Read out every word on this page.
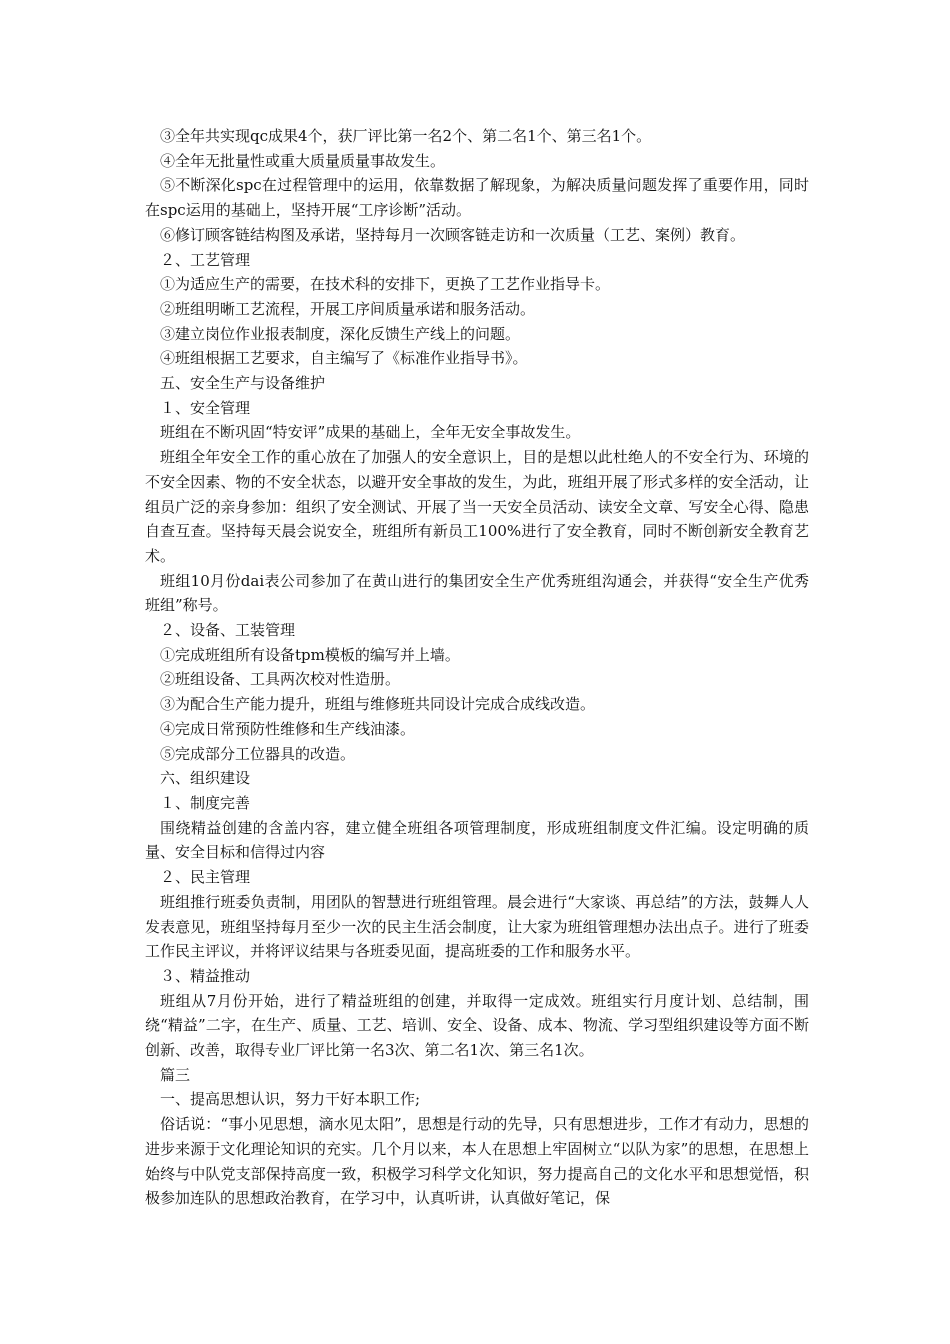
③全年共实现qc成果4个，获厂评比第一名2个、第二名1个、第三名1个。

④全年无批量性或重大质量质量事故发生。

⑤不断深化spc在过程管理中的运用，依靠数据了解现象，为解决质量问题发挥了重要作用，同时在spc运用的基础上，坚持开展“工序诊断”活动。

⑥修订顾客链结构图及承诺，坚持每月一次顾客链走访和一次质量（工艺、案例）教育。

２、工艺管理

①为适应生产的需要，在技术科的安排下，更换了工艺作业指导卡。

②班组明晰工艺流程，开展工序间质量承诺和服务活动。

③建立岗位作业报表制度，深化反馈生产线上的问题。

④班组根据工艺要求，自主编写了《标准作业指导书》。

五、安全生产与设备维护

１、安全管理

班组在不断巩固“特安评”成果的基础上，全年无安全事故发生。

班组全年安全工作的重心放在了加强人的安全意识上，目的是想以此杜绝人的不安全行为、环境的不安全因素、物的不安全状态，以避开安全事故的发生，为此，班组开展了形式多样的安全活动，让组员广泛的亲身参加：组织了安全测试、开展了当一天安全员活动、读安全文章、写安全心得、隐患自查互查。坚持每天晨会说安全，班组所有新员工100%进行了安全教育，同时不断创新安全教育艺术。

班组10月份dai表公司参加了在黄山进行的集团安全生产优秀班组沟通会，并获得“安全生产优秀班组”称号。

２、设备、工装管理

①完成班组所有设备tpm模板的编写并上墙。

②班组设备、工具两次校对性造册。

③为配合生产能力提升，班组与维修班共同设计完成合成线改造。

④完成日常预防性维修和生产线油漆。

⑤完成部分工位器具的改造。

六、组织建设

１、制度完善

围绕精益创建的含盖内容，建立健全班组各项管理制度，形成班组制度文件汇编。设定明确的质量、安全目标和信得过内容

２、民主管理

班组推行班委负责制，用团队的智慧进行班组管理。晨会进行“大家谈、再总结”的方法，鼓舞人人发表意见，班组坚持每月至少一次的民主生活会制度，让大家为班组管理想办法出点子。进行了班委工作民主评议，并将评议结果与各班委见面，提高班委的工作和服务水平。

３、精益推动

班组从7月份开始，进行了精益班组的创建，并取得一定成效。班组实行月度计划、总结制，围绕“精益”二字，在生产、质量、工艺、培训、安全、设备、成本、物流、学习型组织建设等方面不断创新、改善，取得专业厂评比第一名3次、第二名1次、第三名1次。

篇三

一、提高思想认识，努力干好本职工作;

俗话说：“事小见思想，滴水见太阳”，思想是行动的先导，只有思想进步，工作才有动力，思想的进步来源于文化理论知识的充实。几个月以来，本人在思想上牢固树立“以队为家”的思想，在思想上始终与中队党支部保持高度一致，积极学习科学文化知识，努力提高自己的文化水平和思想觉悟，积极参加连队的思想政治教育，在学习中，认真听讲，认真做好笔记，保
